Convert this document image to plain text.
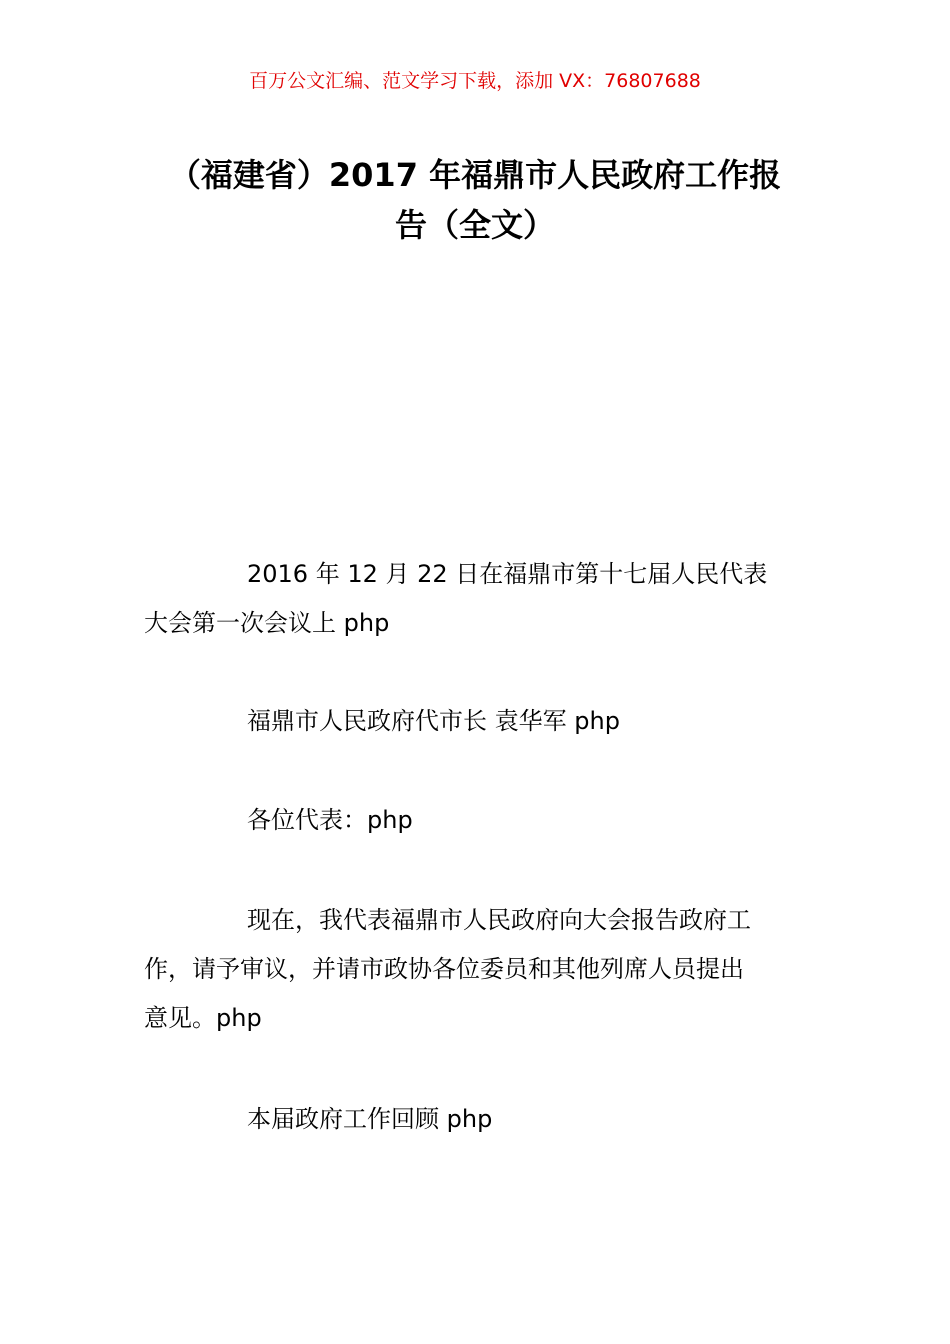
百万公文汇编、范文学习下载，添加 VX：76807688
（福建省）2017 年福鼎市人民政府工作报
告（全文）

2016 年 12 月 22 日在福鼎市第十七届人民代表
大会第一次会议上 php

福鼎市人民政府代市长 袁华军 php

各位代表：php

现在，我代表福鼎市人民政府向大会报告政府工
作，请予审议，并请市政协各位委员和其他列席人员提出
意见。php

本届政府工作回顾 php
